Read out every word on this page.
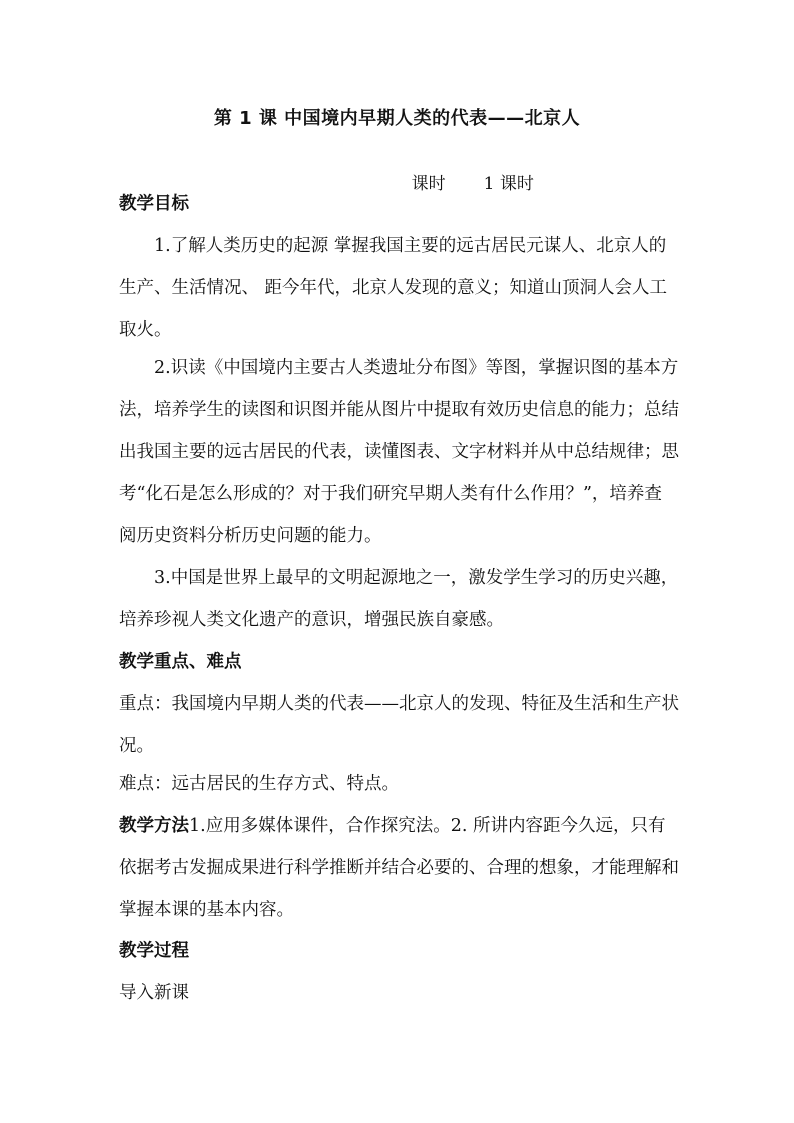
第 1 课 中国境内早期人类的代表——北京人

课时 1 课时

教学目标
1.了解人类历史的起源 掌握我国主要的远古居民元谋人、北京人的生产、生活情况、 距今年代，北京人发现的意义；知道山顶洞人会人工取火。
2.识读《中国境内主要古人类遗址分布图》等图，掌握识图的基本方法，培养学生的读图和识图并能从图片中提取有效历史信息的能力；总结出我国主要的远古居民的代表，读懂图表、文字材料并从中总结规律；思考“化石是怎么形成的？对于我们研究早期人类有什么作用？”，培养查阅历史资料分析历史问题的能力。
3.中国是世界上最早的文明起源地之一，激发学生学习的历史兴趣，培养珍视人类文化遗产的意识，增强民族自豪感。
教学重点、难点
重点：我国境内早期人类的代表——北京人的发现、特征及生活和生产状况。
难点：远古居民的生存方式、特点。
教学方法1.应用多媒体课件，合作探究法。2. 所讲内容距今久远，只有依据考古发掘成果进行科学推断并结合必要的、合理的想象，才能理解和掌握本课的基本内容。
教学过程
导入新课
